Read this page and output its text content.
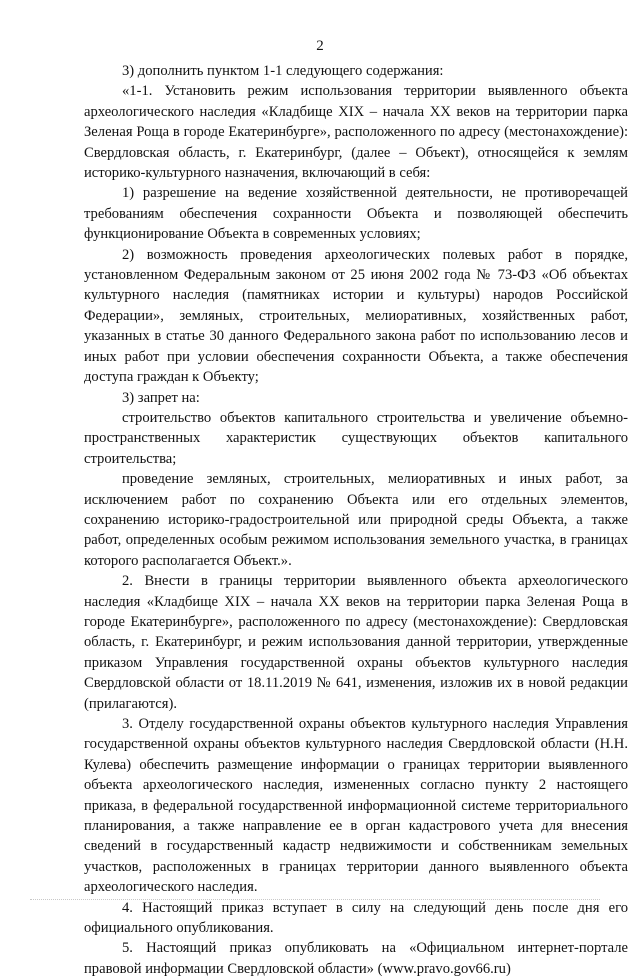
2

3) дополнить пунктом 1-1 следующего содержания:

«1-1. Установить режим использования территории выявленного объекта археологического наследия «Кладбище XIX – начала XX веков на территории парка Зеленая Роща в городе Екатеринбурге», расположенного по адресу (местонахождение): Свердловская область, г. Екатеринбург, (далее – Объект), относящейся к землям историко-культурного назначения, включающий в себя:

1) разрешение на ведение хозяйственной деятельности, не противоречащей требованиям обеспечения сохранности Объекта и позволяющей обеспечить функционирование Объекта в современных условиях;

2) возможность проведения археологических полевых работ в порядке, установленном Федеральным законом от 25 июня 2002 года № 73-ФЗ «Об объектах культурного наследия (памятниках истории и культуры) народов Российской Федерации», земляных, строительных, мелиоративных, хозяйственных работ, указанных в статье 30 данного Федерального закона работ по использованию лесов и иных работ при условии обеспечения сохранности Объекта, а также обеспечения доступа граждан к Объекту;

3) запрет на:

строительство объектов капитального строительства и увеличение объемно-пространственных характеристик существующих объектов капитального строительства;

проведение земляных, строительных, мелиоративных и иных работ, за исключением работ по сохранению Объекта или его отдельных элементов, сохранению историко-градостроительной или природной среды Объекта, а также работ, определенных особым режимом использования земельного участка, в границах которого располагается Объект.».

2. Внести в границы территории выявленного объекта археологического наследия «Кладбище XIX – начала XX веков на территории парка Зеленая Роща в городе Екатеринбурге», расположенного по адресу (местонахождение): Свердловская область, г. Екатеринбург, и режим использования данной территории, утвержденные приказом Управления государственной охраны объектов культурного наследия Свердловской области от 18.11.2019 № 641, изменения, изложив их в новой редакции (прилагаются).

3. Отделу государственной охраны объектов культурного наследия Управления государственной охраны объектов культурного наследия Свердловской области (Н.Н. Кулева) обеспечить размещение информации о границах территории выявленного объекта археологического наследия, измененных согласно пункту 2 настоящего приказа, в федеральной государственной информационной системе территориального планирования, а также направление ее в орган кадастрового учета для внесения сведений в государственный кадастр недвижимости и собственникам земельных участков, расположенных в границах территории данного выявленного объекта археологического наследия.

4. Настоящий приказ вступает в силу на следующий день после дня его официального опубликования.

5. Настоящий приказ опубликовать на «Официальном интернет-портале правовой информации Свердловской области» (www.pravo.gov66.ru)
